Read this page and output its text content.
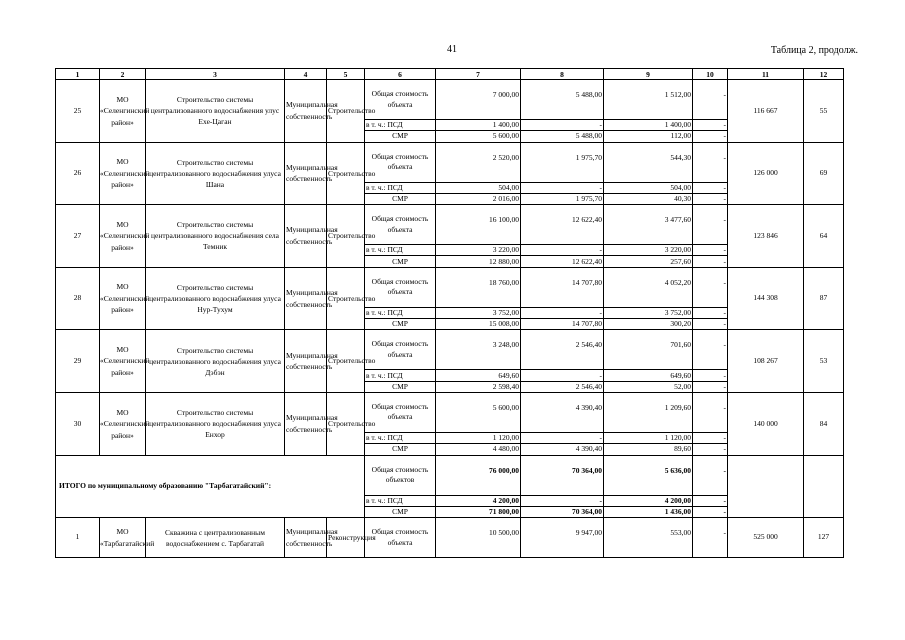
41	Таблица 2, продолж.
1	2	3	4	5	6	7	8	9	10	11	12
25	МО «Селенгинский район»	Строительство системы централизованного водоснабжения улус Ехе-Цаган	Муниципальная собственность	Строительство	Общая стоимость объекта	7 000,00	5 488,00	1 512,00	-	116 667	55
					в т. ч.: ПСД	1 400,00	-	1 400,00	-		
					СМР	5 600,00	5 488,00	112,00	-		
26	МО «Селенгинский район»	Строительство системы централизованного водоснабжения улуса Шана	Муниципальная собственность	Строительство	Общая стоимость объекта	2 520,00	1 975,70	544,30	-	126 000	69
					в т. ч.: ПСД	504,00	-	504,00	-		
					СМР	2 016,00	1 975,70	40,30	-		
27	МО «Селенгинский район»	Строительство системы централизованного водоснабжения села Темник	Муниципальная собственность	Строительство	Общая стоимость объекта	16 100,00	12 622,40	3 477,60	-	123 846	64
					в т. ч.: ПСД	3 220,00	-	3 220,00	-		
					СМР	12 880,00	12 622,40	257,60	-		
28	МО «Селенгинский район»	Строительство системы централизованного водоснабжения улуса Нур-Тухум	Муниципальная собственность	Строительство	Общая стоимость объекта	18 760,00	14 707,80	4 052,20	-	144 308	87
					в т. ч.: ПСД	3 752,00	-	3 752,00	-		
					СМР	15 008,00	14 707,80	300,20	-		
29	МО «Селенгинский район»	Строительство системы централизованного водоснабжения улуса Дэбэн	Муниципальная собственность	Строительство	Общая стоимость объекта	3 248,00	2 546,40	701,60	-	108 267	53
					в т. ч.: ПСД	649,60	-	649,60	-		
					СМР	2 598,40	2 546,40	52,00	-		
30	МО «Селенгинский район»	Строительство системы централизованного водоснабжения улуса Енхор	Муниципальная собственность	Строительство	Общая стоимость объекта	5 600,00	4 390,40	1 209,60	-	140 000	84
					в т. ч.: ПСД	1 120,00	-	1 120,00	-		
					СМР	4 480,00	4 390,40	89,60	-		
ИТОГО по муниципальному образованию "Тарбагатайский":					Общая стоимость объектов	76 000,00	70 364,00	5 636,00	-		
					в т. ч.: ПСД	4 200,00	-	4 200,00	-		
					СМР	71 800,00	70 364,00	1 436,00	-		
1	МО «Тарбагатайский	Скважина с централизованным водоснабжением с. Тарбагатай	Муниципальная собственность	Реконструкция	Общая стоимость объекта	10 500,00	9 947,00	553,00	-	525 000	127
